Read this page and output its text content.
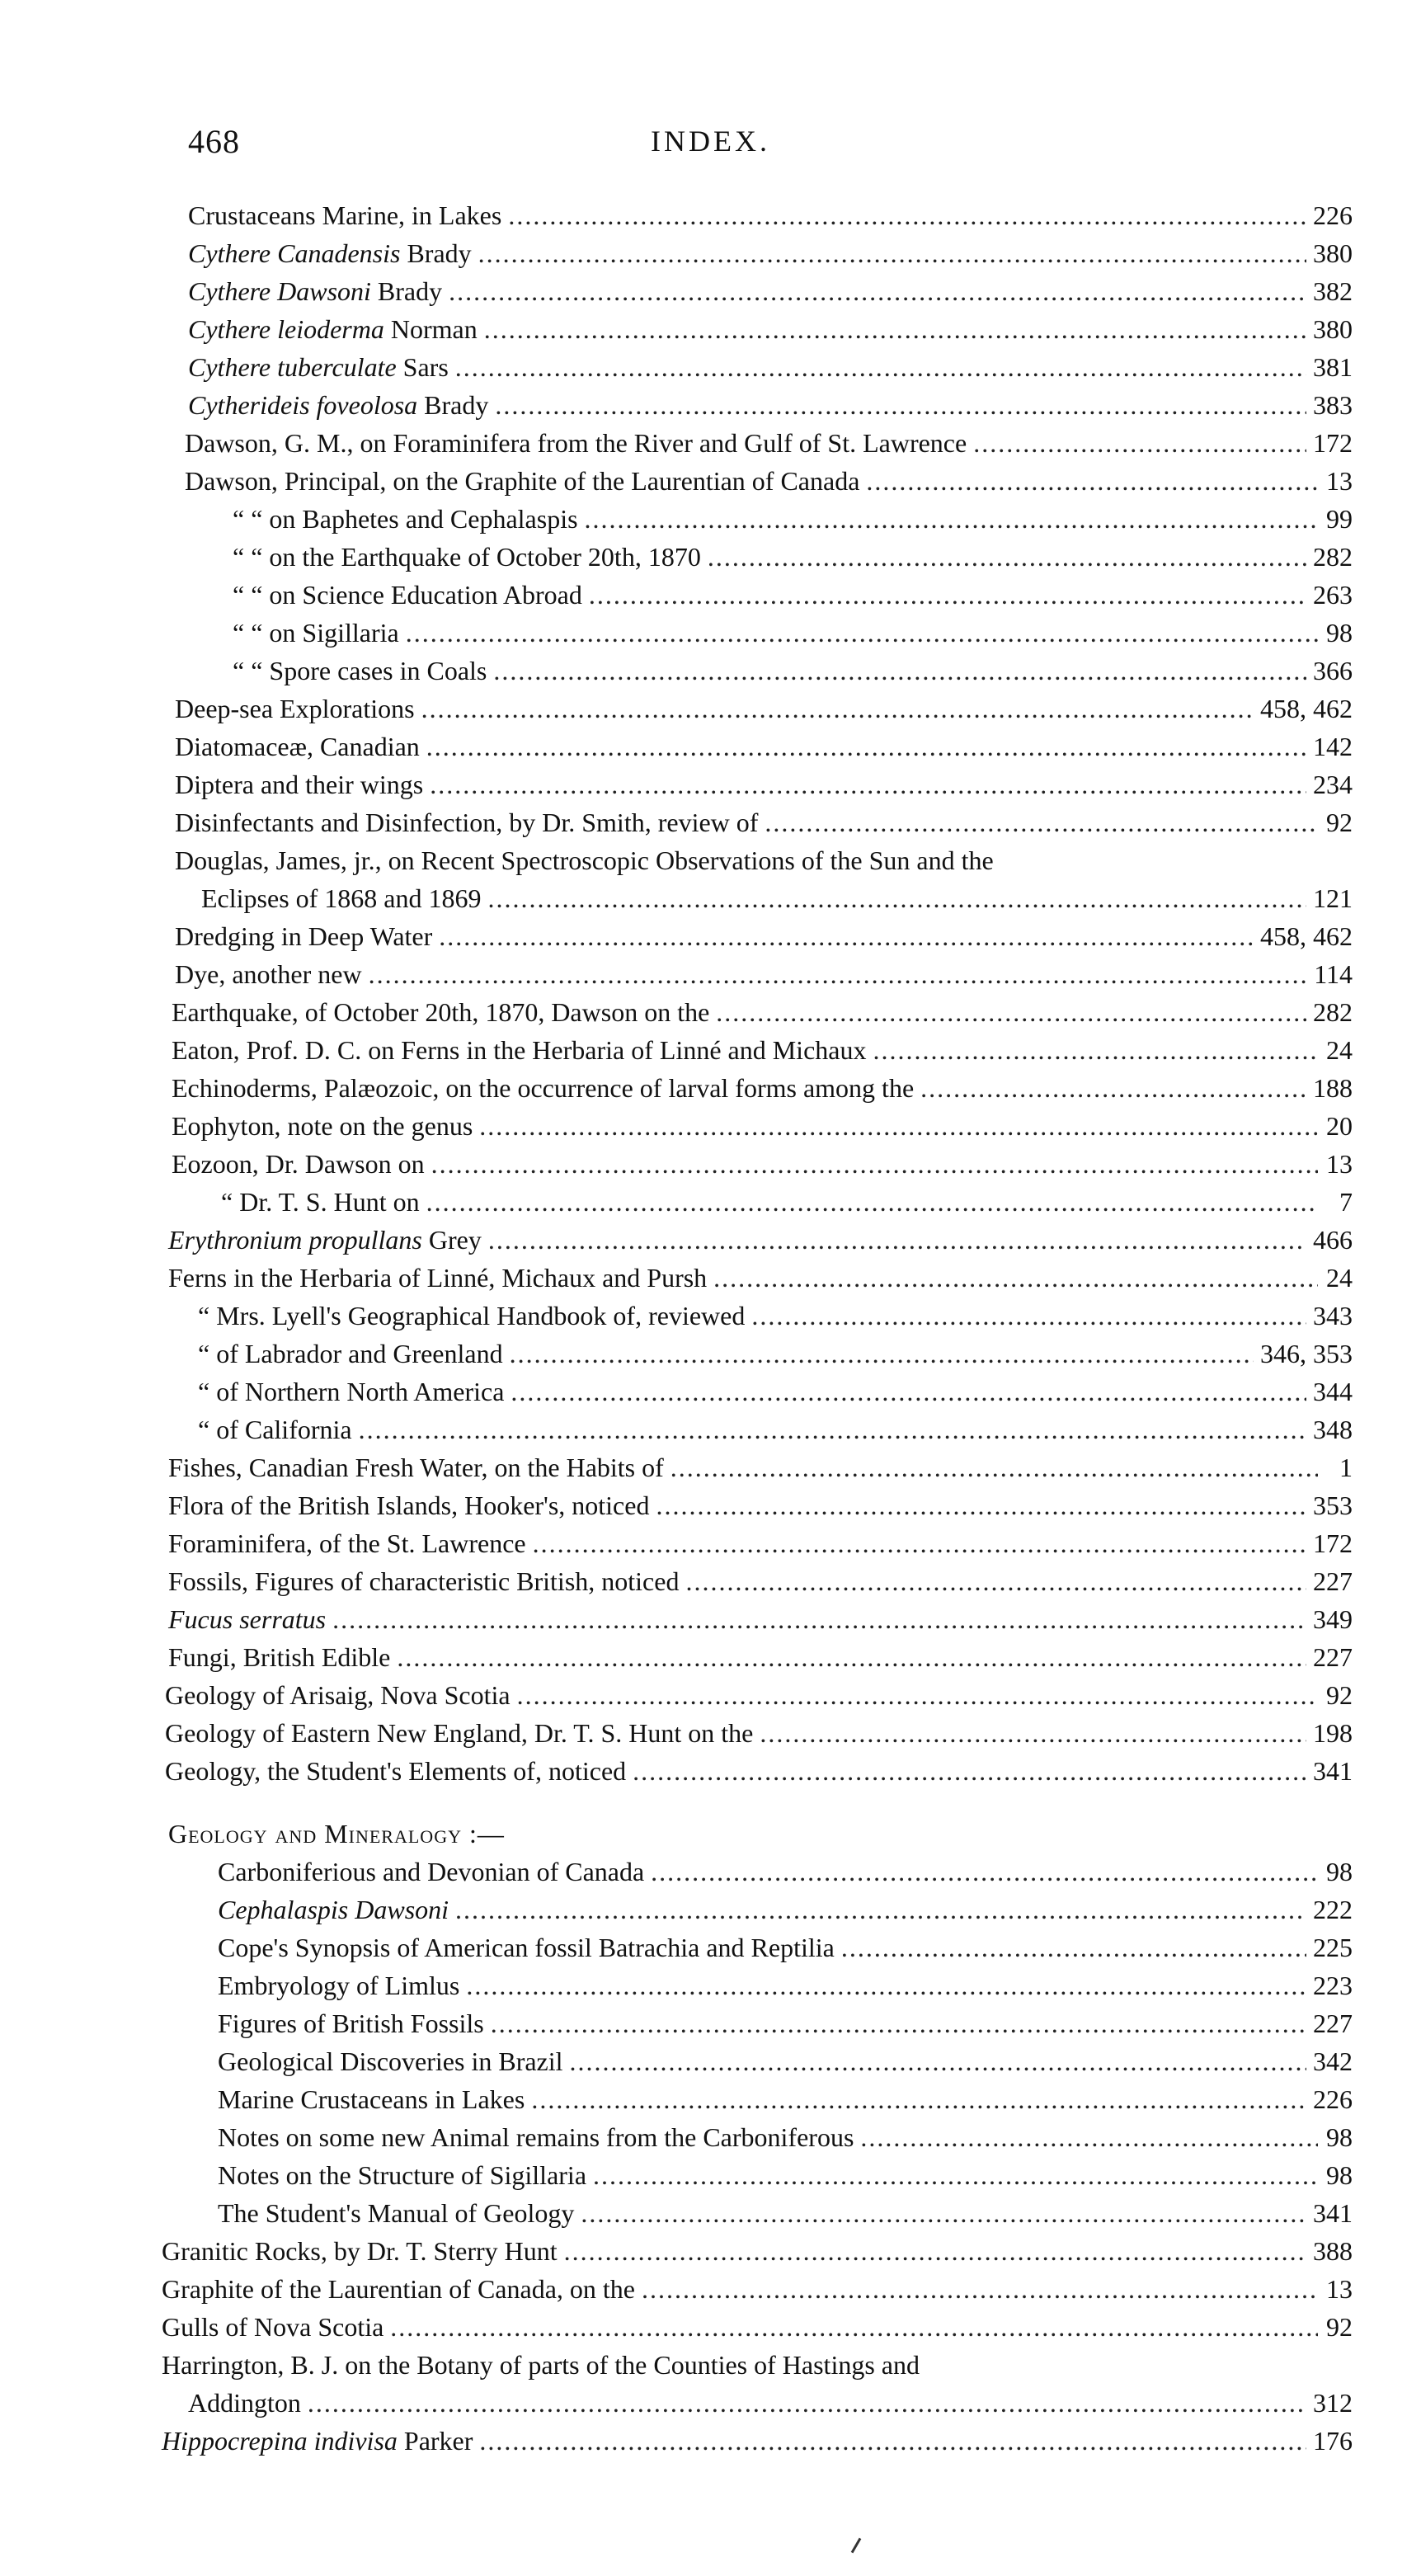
468	INDEX.
Crustaceans Marine, in Lakes .....	226
Cythere Canadensis Brady .....	380
Cythere Dawsoni Brady .....	382
Cythere leioderma Norman .....	380
Cythere tuberculate Sars .....	381
Cytherideis foveolosa Brady .....	383
Dawson, G. M., on Foraminifera from the River and Gulf of St. Lawrence .....	172
Dawson, Principal, on the Graphite of the Laurentian of Canada .....	13
“ “ on Baphetes and Cephalaspis .....	99
“ “ on the Earthquake of October 20th, 1870 .....	282
“ “ on Science Education Abroad .....	263
“ “ on Sigillaria .....	98
“ “ Spore cases in Coals .....	366
Deep-sea Explorations .....	458, 462
Diatomaceæ, Canadian .....	142
Diptera and their wings .....	234
Disinfectants and Disinfection, by Dr. Smith, review of .....	92
Douglas, James, jr., on Recent Spectroscopic Observations of the Sun and the
Eclipses of 1868 and 1869 .....	121
Dredging in Deep Water .....	458, 462
Dye, another new .....	114
Earthquake, of October 20th, 1870, Dawson on the .....	282
Eaton, Prof. D. C. on Ferns in the Herbaria of Linné and Michaux .....	24
Echinoderms, Palæozoic, on the occurrence of larval forms among the .....	188
Eophyton, note on the genus .....	20
Eozoon, Dr. Dawson on .....	13
“ Dr. T. S. Hunt on .....	7
Erythronium propullans Grey .....	466
Ferns in the Herbaria of Linné, Michaux and Pursh .....	24
“ Mrs. Lyell's Geographical Handbook of, reviewed .....	343
“ of Labrador and Greenland .....	346, 353
“ of Northern North America .....	344
“ of California .....	348
Fishes, Canadian Fresh Water, on the Habits of .....	1
Flora of the British Islands, Hooker's, noticed .....	353
Foraminifera, of the St. Lawrence .....	172
Fossils, Figures of characteristic British, noticed .....	227
Fucus serratus .....	349
Fungi, British Edible .....	227
Geology of Arisaig, Nova Scotia .....	92
Geology of Eastern New England, Dr. T. S. Hunt on the .....	198
Geology, the Student's Elements of, noticed .....	341
Geology and Mineralogy :—
Carboniferious and Devonian of Canada .....	98
Cephalaspis Dawsoni .....	222
Cope's Synopsis of American fossil Batrachia and Reptilia .....	225
Embryology of Limlus .....	223
Figures of British Fossils .....	227
Geological Discoveries in Brazil .....	342
Marine Crustaceans in Lakes .....	226
Notes on some new Animal remains from the Carboniferous .....	98
Notes on the Structure of Sigillaria .....	98
The Student's Manual of Geology .....	341
Granitic Rocks, by Dr. T. Sterry Hunt .....	388
Graphite of the Laurentian of Canada, on the .....	13
Gulls of Nova Scotia .....	92
Harrington, B. J. on the Botany of parts of the Counties of Hastings and
Addington .....	312
Hippocrepina indivisa Parker .....	176
